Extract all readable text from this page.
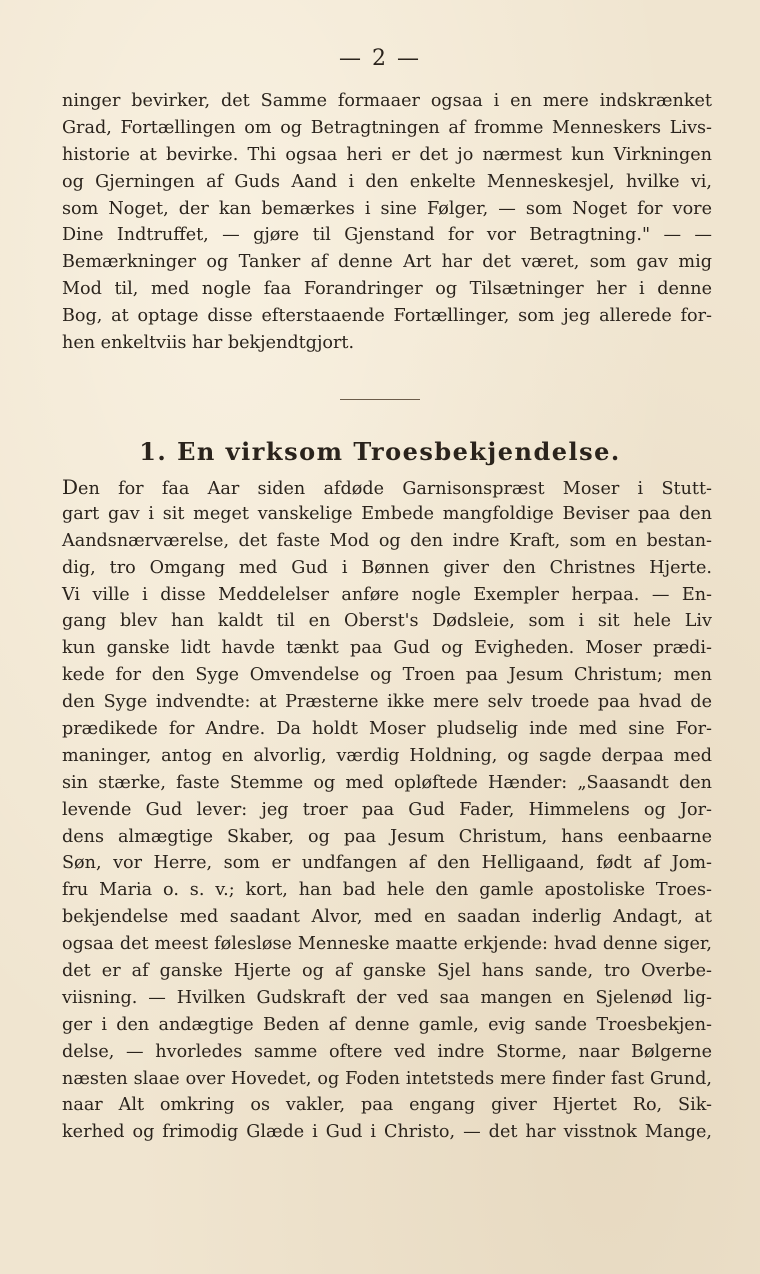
— 2 —
ninger bevirker, det Samme formaaer ogsaa i en mere indskrænket
Grad, Fortællingen om og Betragtningen af fromme Menneskers Livs-
historie at bevirke. Thi ogsaa heri er det jo nærmest kun Virkningen
og Gjerningen af Guds Aand i den enkelte Menneskesjel, hvilke vi,
som Noget, der kan bemærkes i sine Følger, — som Noget for vore
Dine Indtruffet, — gjøre til Gjenstand for vor Betragtning." — —
Bemærkninger og Tanker af denne Art har det været, som gav mig
Mod til, med nogle faa Forandringer og Tilsætninger her i denne
Bog, at optage disse efterstaaende Fortællinger, som jeg allerede for-
hen enkeltviis har bekjendtgjort.
1. En virksom Troesbekjendelse.
Den for faa Aar siden afdøde Garnisonspræst Moser i Stutt-
gart gav i sit meget vanskelige Embede mangfoldige Beviser paa den
Aandsnærværelse, det faste Mod og den indre Kraft, som en bestan-
dig, tro Omgang med Gud i Bønnen giver den Christnes Hjerte.
Vi ville i disse Meddelelser anføre nogle Exempler herpaa. — En-
gang blev han kaldt til en Oberst's Dødsleie, som i sit hele Liv
kun ganske lidt havde tænkt paa Gud og Evigheden. Moser prædi-
kede for den Syge Omvendelse og Troen paa Jesum Christum; men
den Syge indvendte: at Præsterne ikke mere selv troede paa hvad de
prædikede for Andre. Da holdt Moser pludselig inde med sine For-
maninger, antog en alvorlig, værdig Holdning, og sagde derpaa med
sin stærke, faste Stemme og med opløftede Hænder: „Saasandt den
levende Gud lever: jeg troer paa Gud Fader, Himmelens og Jor-
dens almægtige Skaber, og paa Jesum Christum, hans eenbaarne
Søn, vor Herre, som er undfangen af den Helligaand, født af Jom-
fru Maria o. s. v.; kort, han bad hele den gamle apostoliske Troes-
bekjendelse med saadant Alvor, med en saadan inderlig Andagt, at
ogsaa det meest følesløse Menneske maatte erkjende: hvad denne siger,
det er af ganske Hjerte og af ganske Sjel hans sande, tro Overbe-
viisning. — Hvilken Gudskraft der ved saa mangen en Sjelenød lig-
ger i den andægtige Beden af denne gamle, evig sande Troesbekjen-
delse, — hvorledes samme oftere ved indre Storme, naar Bølgerne
næsten slaae over Hovedet, og Foden intetsteds mere finder fast Grund,
naar Alt omkring os vakler, paa engang giver Hjertet Ro, Sik-
kerhed og frimodig Glæde i Gud i Christo, — det har visstnok Mange,
